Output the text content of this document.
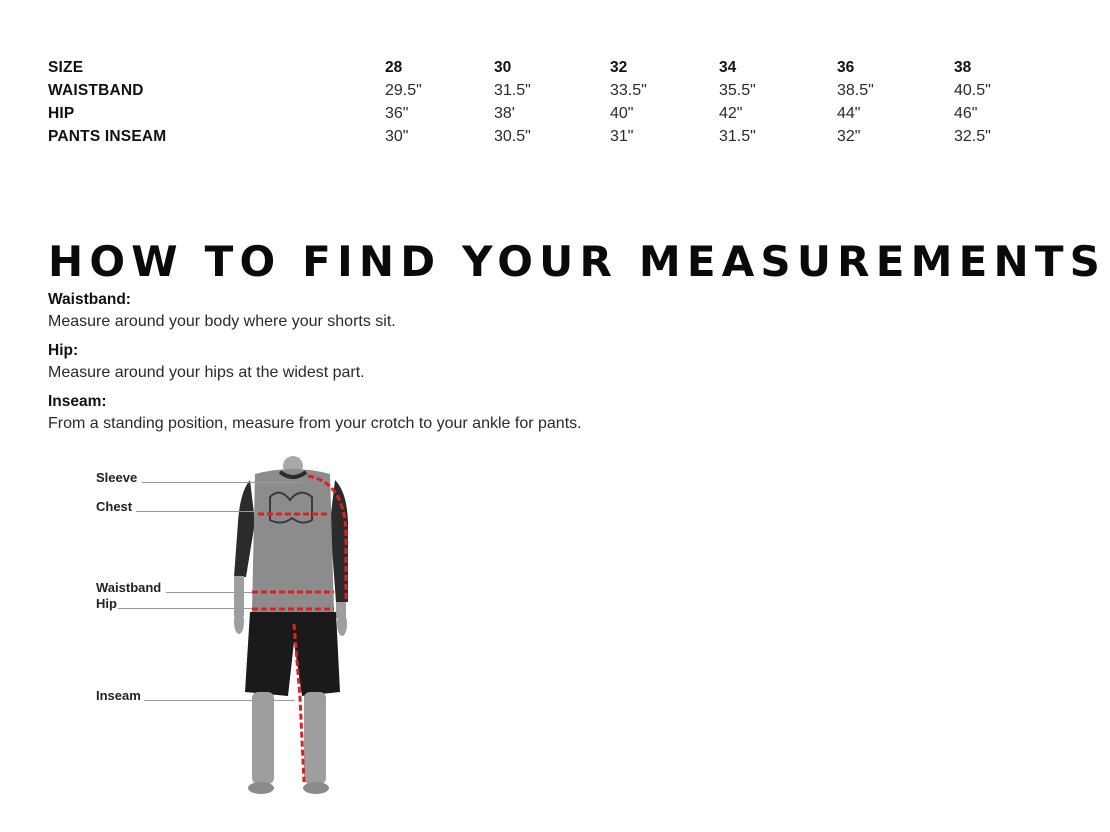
SIZE	28	30	32	34	36	38
WAISTBAND	29.5"	31.5"	33.5"	35.5"	38.5"	40.5"
HIP	36"	38'	40"	42"	44"	46"
PANTS INSEAM	30"	30.5"	31"	31.5"	32"	32.5"
HOW TO FIND YOUR MEASUREMENTS
Waistband:
Measure around your body where your shorts sit.
Hip:
Measure around your hips at the widest part.
Inseam:
From a standing position, measure from your crotch to your ankle for pants.
Sleeve
Chest
Waistband
Hip
Inseam
